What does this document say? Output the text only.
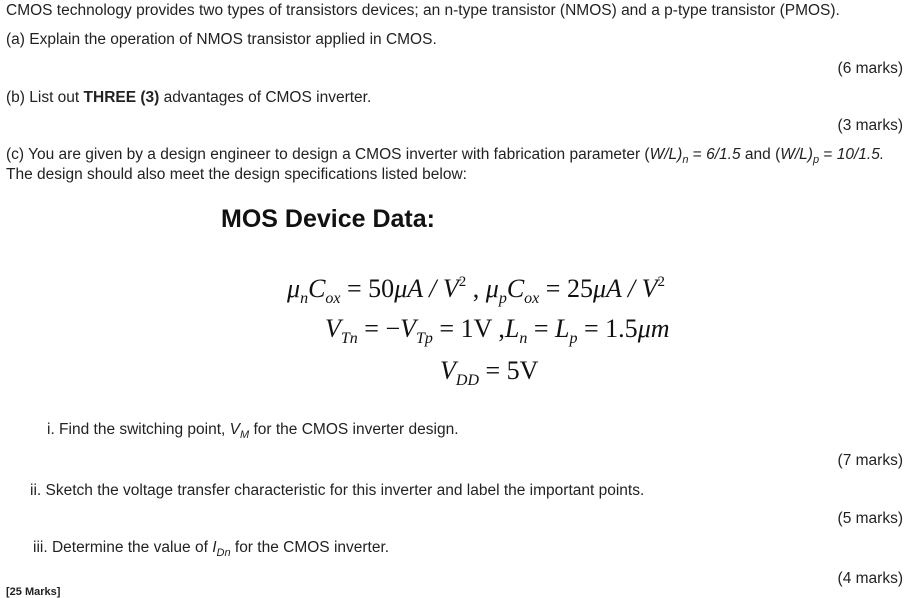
CMOS technology provides two types of transistors devices; an n-type transistor (NMOS) and a p-type transistor (PMOS).
(a) Explain the operation of NMOS transistor applied in CMOS.
(6 marks)
(b) List out THREE (3) advantages of CMOS inverter.
(3 marks)
(c) You are given by a design engineer to design a CMOS inverter with fabrication parameter $(W/L)_n = 6/1.5$ and $(W/L)_p = 10/1.5$.
The design should also meet the design specifications listed below:
MOS Device Data:
$\mu_nC_{ox} = 50\mu A / V^2$ , $\mu_pC_{ox} = 25\mu A / V^2$
$V_{Tn} = -V_{Tp} = 1V$ $,L_n = L_p = 1.5\mu m$
$V_{DD} = 5V$
i. Find the switching point, $V_M$ for the CMOS inverter design.
(7 marks)
ii. Sketch the voltage transfer characteristic for this inverter and label the important points.
(5 marks)
iii. Determine the value of $I_{Dn}$ for the CMOS inverter.
(4 marks)
[25 Marks]
